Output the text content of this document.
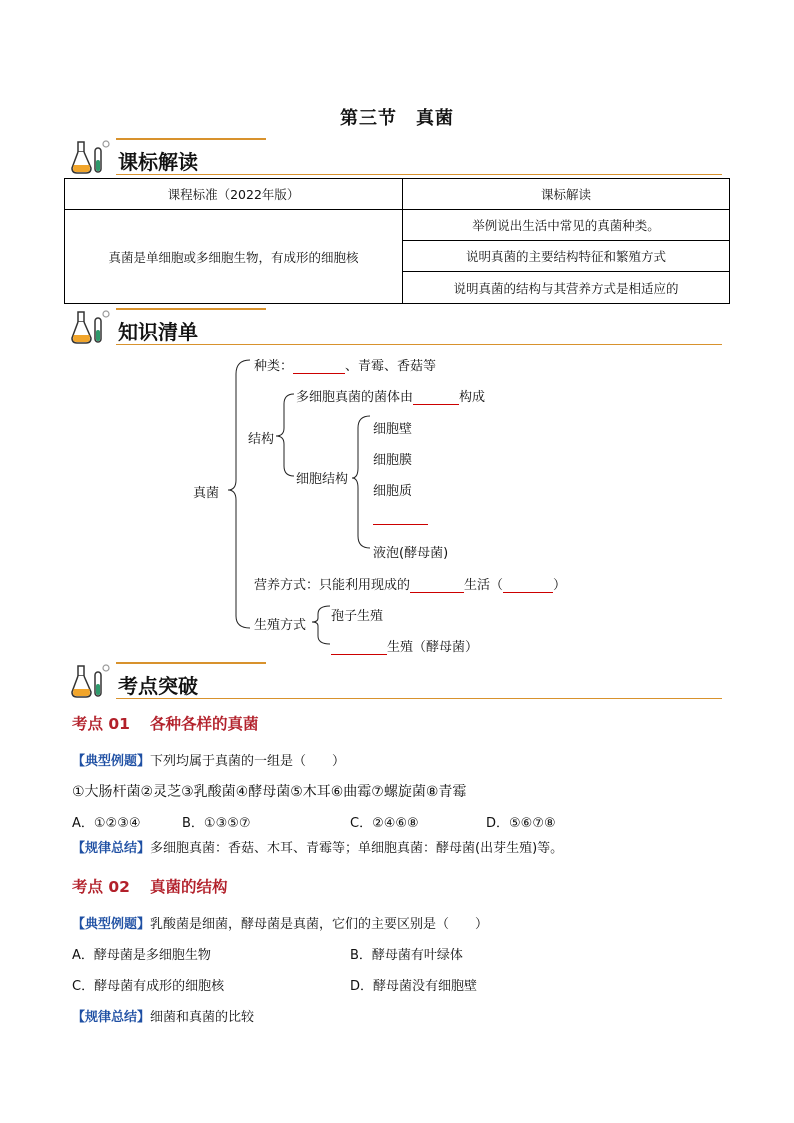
第三节　真菌
课标解读
课程标准（2022年版）	课标解读
真菌是单细胞或多细胞生物，有成形的细胞核	举例说出生活中常见的真菌种类。
	说明真菌的主要结构特征和繁殖方式
	说明真菌的结构与其营养方式是相适应的
知识清单
真菌
种类：	、青霉、香菇等
结构
多细胞真菌的菌体由	构成
细胞结构
细胞壁
细胞膜
细胞质
液泡(酵母菌)
营养方式：只能利用现成的	生活（	）
生殖方式
孢子生殖
生殖（酵母菌）
考点突破
考点 01 各种各样的真菌
【典型例题】下列均属于真菌的一组是（　　）
①大肠杆菌②灵芝③乳酸菌④酵母菌⑤木耳⑥曲霉⑦螺旋菌⑧青霉
A．①②③④	B．①③⑤⑦	C．②④⑥⑧	D．⑤⑥⑦⑧
【规律总结】多细胞真菌：香菇、木耳、青霉等；单细胞真菌：酵母菌(出芽生殖)等。
考点 02 真菌的结构
【典型例题】乳酸菌是细菌，酵母菌是真菌，它们的主要区别是（　　）
A．酵母菌是多细胞生物	B．酵母菌有叶绿体
C．酵母菌有成形的细胞核	D．酵母菌没有细胞壁
【规律总结】细菌和真菌的比较
